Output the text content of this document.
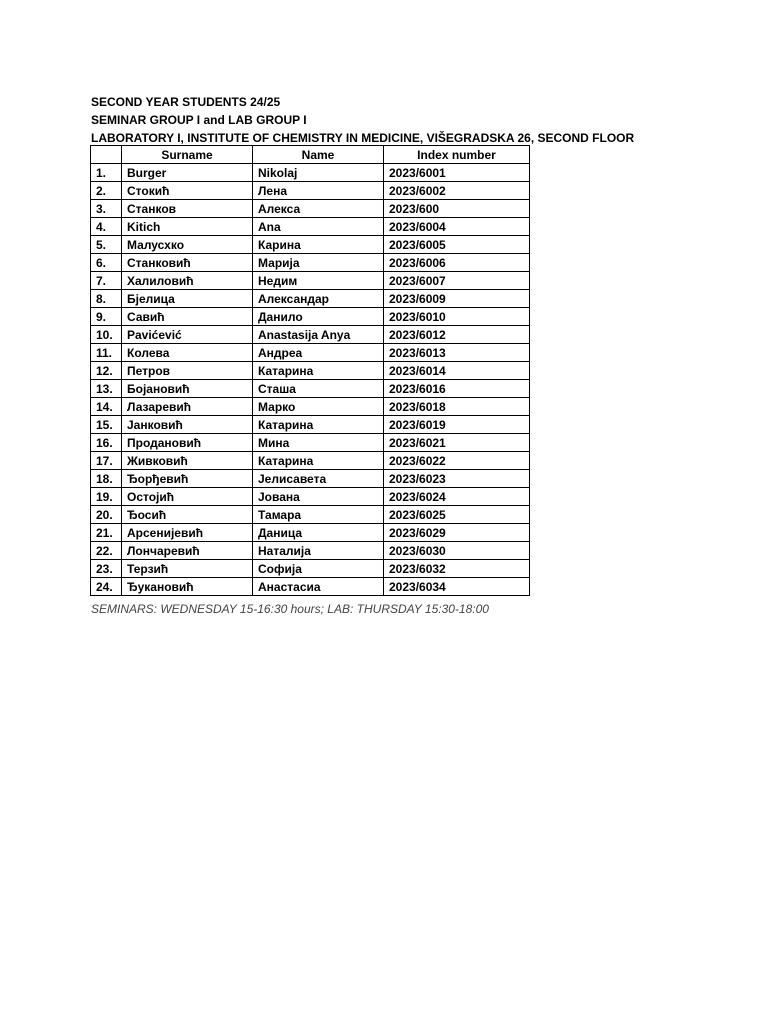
SECOND YEAR STUDENTS 24/25
SEMINAR GROUP I and LAB GROUP I
LABORATORY I, INSTITUTE OF CHEMISTRY IN MEDICINE, VIŠEGRADSKA 26, SECOND FLOOR
	Surname	Name	Index number
1.	Burger	Nikolaj	2023/6001
2.	Стокић	Лена	2023/6002
3.	Станков	Алекса	2023/600
4.	Kitich	Ana	2023/6004
5.	Малусхко	Карина	2023/6005
6.	Станковић	Марија	2023/6006
7.	Халиловић	Недим	2023/6007
8.	Бјелица	Александар	2023/6009
9.	Савић	Данило	2023/6010
10.	Pavićević	Anastasija Anya	2023/6012
11.	Колева	Андреа	2023/6013
12.	Петров	Катарина	2023/6014
13.	Бојановић	Сташа	2023/6016
14.	Лазаревић	Марко	2023/6018
15.	Јанковић	Катарина	2023/6019
16.	Продановић	Мина	2023/6021
17.	Живковић	Катарина	2023/6022
18.	Ђорђевић	Јелисавета	2023/6023
19.	Остојић	Јована	2023/6024
20.	Ђосић	Тамара	2023/6025
21.	Арсенијевић	Даница	2023/6029
22.	Лончаревић	Наталија	2023/6030
23.	Терзић	Софија	2023/6032
24.	Ђукановић	Анастасиа	2023/6034
SEMINARS: WEDNESDAY 15-16:30 hours; LAB: THURSDAY 15:30-18:00
